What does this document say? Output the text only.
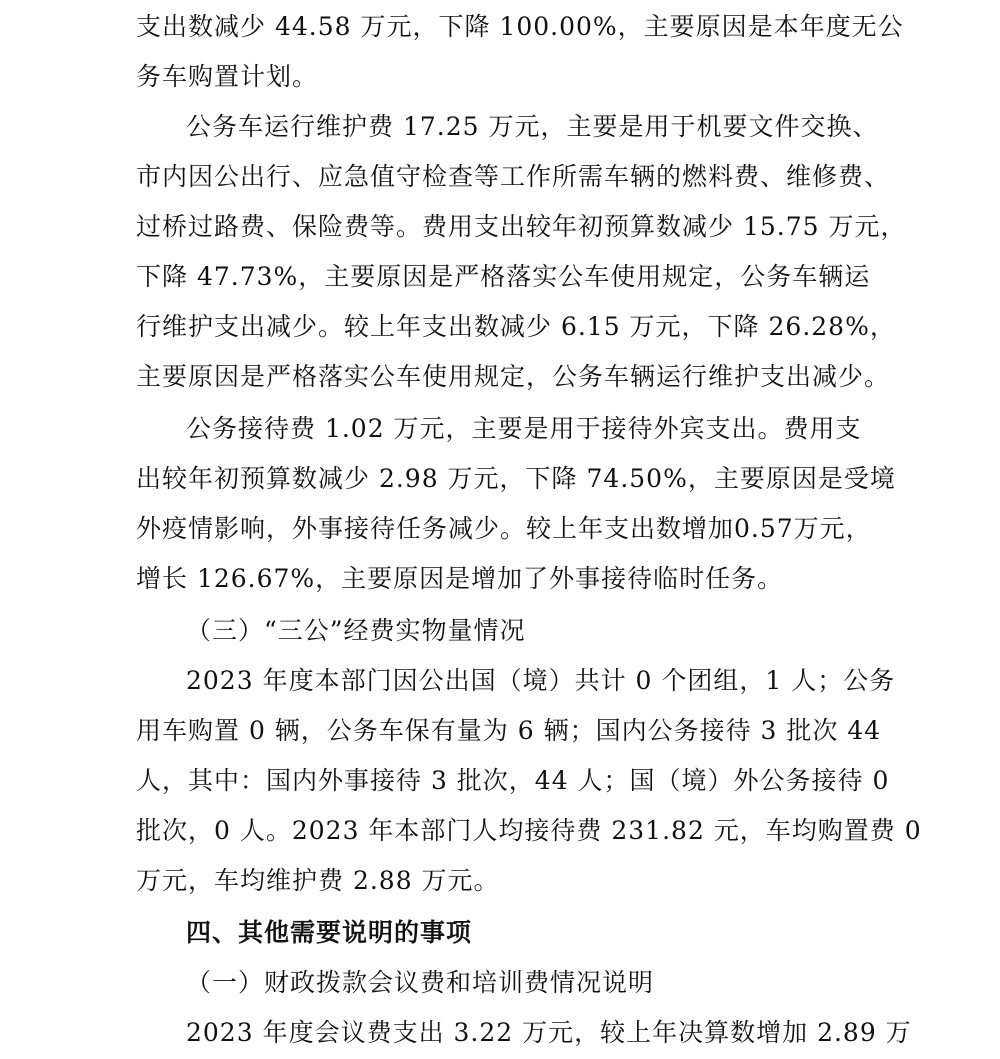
支出数减少 44.58 万元，下降 100.00%，主要原因是本年度无公
务车购置计划。
公务车运行维护费 17.25 万元，主要是用于机要文件交换、
市内因公出行、应急值守检查等工作所需车辆的燃料费、维修费、
过桥过路费、保险费等。费用支出较年初预算数减少 15.75 万元，
下降 47.73%，主要原因是严格落实公车使用规定，公务车辆运
行维护支出减少。较上年支出数减少 6.15 万元，下降 26.28%，
主要原因是严格落实公车使用规定，公务车辆运行维护支出减少。
公务接待费 1.02 万元，主要是用于接待外宾支出。费用支
出较年初预算数减少 2.98 万元，下降 74.50%，主要原因是受境
外疫情影响，外事接待任务减少。较上年支出数增加0.57万元，
增长 126.67%，主要原因是增加了外事接待临时任务。
（三）“三公”经费实物量情况
2023 年度本部门因公出国（境）共计 0 个团组，1 人；公务
用车购置 0 辆，公务车保有量为 6 辆；国内公务接待 3 批次 44
人，其中：国内外事接待 3 批次，44 人；国（境）外公务接待 0
批次，0 人。2023 年本部门人均接待费 231.82 元，车均购置费 0
万元，车均维护费 2.88 万元。
四、其他需要说明的事项
（一）财政拨款会议费和培训费情况说明
2023 年度会议费支出 3.22 万元，较上年决算数增加 2.89 万
